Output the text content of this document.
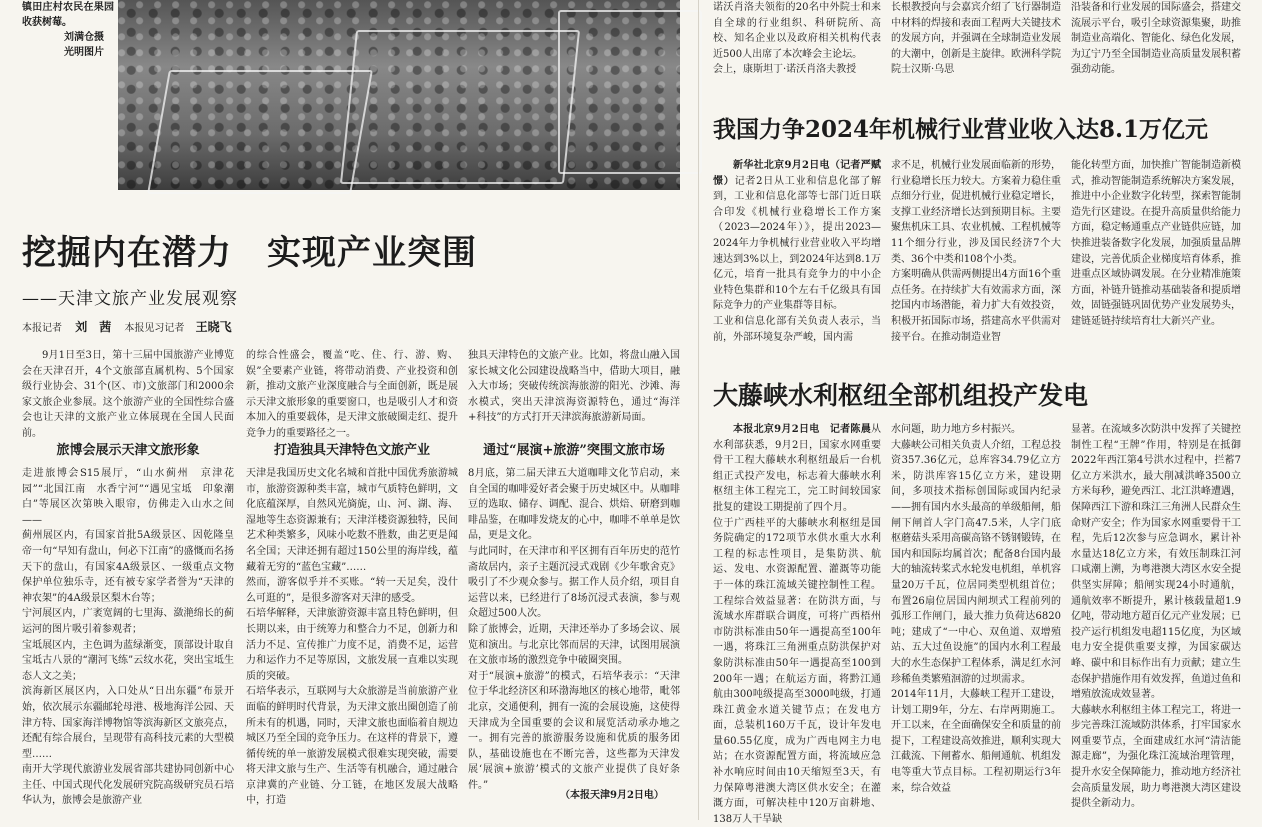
镇田庄村农民在果园收获树莓。
刘满仓摄
光明图片
挖掘内在潜力　实现产业突围
——天津文旅产业发展观察
本报记者 刘　茜 本报见习记者 王晓飞
9月1日至3日，第十三届中国旅游产业博览会在天津召开，4个文旅部直属机构、5个国家级行业协会、31个(区、市)文旅部门和2000余家文旅企业参展。这个旅游产业的全国性综合盛会也让天津的文旅产业立体展现在全国人民面前。
的综合性盛会，覆盖“吃、住、行、游、购、娱”全要素产业链，将带动消费、产业投资和创新，推动文旅产业深度融合与全面创新，既是展示天津文旅形象的重要窗口，也是吸引人才和资本加入的重要载体，是天津文旅破圈走红、提升竞争力的重要路径之一。
独具天津特色的文旅产业。比如，将盘山融入国家长城文化公园建设战略当中，借助大项目，融入大市场；突破传统滨海旅游的阳光、沙滩、海水模式，突出天津滨海资源特色，通过“海洋+科技”的方式打开天津滨海旅游新局面。
旅博会展示天津文旅形象	打造独具天津特色文旅产业	通过“展演+旅游”突围文旅市场
走进旅博会S15展厅，“山水蓟州　京津花园”“北国江南　水香宁河”“遇见宝坻　印象潮白”等展区次第映入眼帘，仿佛走入山水之间——
蓟州展区内，有国家首批5A级景区、因乾隆皇帝一句“早知有盘山，何必下江南”的盛慨而名扬天下的盘山，有国家4A级景区、一级重点文物保护单位独乐寺，还有被专家学者誉为“天津的神农架”的4A级景区梨木台等；
宁河展区内，广袤宽阔的七里海、潋滟绵长的蓟运河的图片吸引着参观者；
宝坻展区内，主色调为蓝绿渐变，顶部设计取自宝坻古八景的“潮河飞练”云纹水花，突出宝坻生态人文之美；
滨海新区展区内，入口处从“日出东疆”布景开始，依次展示东疆邮轮母港、极地海洋公园、天津方特、国家海洋博物馆等滨海新区文旅亮点，还配有综合展台，呈现带有高科技元素的大型模型……
南开大学现代旅游业发展省部共建协同创新中心主任、中国式现代化发展研究院高级研究员石培华认为，旅博会是旅游产业
天津是我国历史文化名城和首批中国优秀旅游城市，旅游资源种类丰富，城市气质特色鲜明，文化底蕴深厚，自然风光旖旎，山、河、湖、海、湿地等生态资源兼有；天津洋楼资源独特，民间艺术种类繁多，风味小吃数不胜数，曲艺更是闻名全国；天津还拥有超过150公里的海岸线，蕴藏着无穷的“蓝色宝藏”……
然而，游客似乎并不买账。“转一天足矣，没什么可逛的”，是很多游客对天津的感受。
石培华解释，天津旅游资源丰富且特色鲜明，但长期以来，由于统筹力和整合力不足，创新力和活力不足、宣传推广力度不足，消费不足，运营力和运作力不足等原因，文旅发展一直难以实现质的突破。
石培华表示，互联网与大众旅游是当前旅游产业面临的鲜明时代背景，为天津文旅出圈创造了前所未有的机遇，同时，天津文旅也面临着自规边城区乃至全国的竞争压力。在这样的背景下，遵循传统的单一旅游发展模式很难实现突破，需要将天津文旅与生产、生活等有机融合，通过融合京津冀的产业链、分工链，在地区发展大战略中，打造
8月底，第二届天津五大道咖啡文化节启动，来自全国的咖啡爱好者会聚于历史城区中。从咖啡豆的选取、储存、调配、混合、烘焙、研磨到咖啡品鉴，在咖啡发烧友的心中，咖啡不单单是饮品，更是文化。
与此同时，在天津市和平区拥有百年历史的范竹斋故居内，亲子主题沉浸式戏剧《少年歌舍克》吸引了不少观众参与。据工作人员介绍，项目自运营以来，已经进行了8场沉浸式表演，参与观众超过500人次。
除了旅博会，近期，天津还举办了多场会议、展览和演出。与北京比邻而居的天津，试图用展演在文旅市场的激烈竞争中破圈突围。
对于“展演+旅游”的模式，石培华表示：“天津位于华北经济区和环渤海地区的核心地带，毗邻北京，交通便利，拥有一流的会展设施，这使得天津成为全国重要的会议和展览活动承办地之一。拥有完善的旅游服务设施和优质的服务团队，基础设施也在不断完善，这些都为天津发展‘展演+旅游’模式的文旅产业提供了良好条件。”
（本报天津9月2日电）
诺沃肖洛夫领衔的20名中外院士和来自全球的行业组织、科研院所、高校、知名企业以及政府相关机构代表近500人出席了本次峰会主论坛。
会上，康斯坦丁·诺沃肖洛夫教授
长根教授向与会嘉宾介绍了飞行器制造中材料的焊接和表面工程两大关键技术的发展方向，并强调在全球制造业发展的大潮中，创新是主旋律。欧洲科学院院士汉斯·乌思
沿装备和行业发展的国际盛会，搭建交流展示平台，吸引全球资源集聚，助推制造业高端化、智能化、绿色化发展，为辽宁乃至全国制造业高质量发展积蓄强劲动能。
我国力争2024年机械行业营业收入达8.1万亿元
新华社北京9月2日电（记者严赋憬）记者2日从工业和信息化部了解到，工业和信息化部等七部门近日联合印发《机械行业稳增长工作方案（2023—2024年）》，提出2023—2024年力争机械行业营业收入平均增速达到3%以上，到2024年达到8.1万亿元，培育一批具有竞争力的中小企业特色集群和10个左右千亿级具有国际竞争力的产业集群等目标。
工业和信息化部有关负责人表示，当前，外部环境复杂严峻，国内需
求不足，机械行业发展面临新的形势，行业稳增长压力较大。方案着力稳住重点细分行业，促进机械行业稳定增长，支撑工业经济增长达到预期目标。主要聚焦机床工具、农业机械、工程机械等11个细分行业，涉及国民经济7个大类、36个中类和108个小类。
方案明确从供需两侧提出4方面16个重点任务。在持续扩大有效需求方面，深挖国内市场潜能，着力扩大有效投资，积极开拓国际市场，搭建高水平供需对接平台。在推动制造业智
能化转型方面，加快推广智能制造新模式，推动智能制造系统解决方案发展，推进中小企业数字化转型，探索智能制造先行区建设。在提升高质量供给能力方面，稳定畅通重点产业链供应链，加快推进装备数字化发展，加强质量品牌建设，完善优质企业梯度培育体系，推进重点区域协调发展。在分业精准施策方面，补链升链推动基础装备和提质增效，固链强链巩固优势产业发展势头，建链延链持续培育壮大新兴产业。
大藤峡水利枢纽全部机组投产发电
本报北京9月2日电　记者陈晨从水利部获悉，9月2日，国家水网重要骨干工程大藤峡水利枢纽最后一台机组正式投产发电，标志着大藤峡水利枢纽主体工程完工，完工时间较国家批复的建设工期提前了四个月。
位于广西桂平的大藤峡水利枢纽是国务院确定的172项节水供水重大水利工程的标志性项目，是集防洪、航运、发电、水资源配置、灌溉等功能于一体的珠江流域关键控制性工程。工程综合效益显著：在防洪方面，与流域水库群联合调度，可将广西梧州市防洪标准由50年一遇提高至100年一遇，将珠江三角洲重点防洪保护对象防洪标准由50年一遇提高至100到200年一遇；在航运方面，将黔江通航由300吨级提高至3000吨级，打通珠江黄金水道关键节点；在发电方面，总装机160万千瓦，设计年发电量60.55亿度，成为广西电网主力电站；在水资源配置方面，将流域应急补水响应时间由10天缩短至3天，有力保障粤港澳大湾区供水安全；在灌溉方面，可解决桂中120万亩耕地、138万人干旱缺
水问题，助力地方乡村振兴。
大藤峡公司相关负责人介绍，工程总投资357.36亿元，总库容34.79亿立方米，防洪库容15亿立方米，建设期间，多项技术指标创国际或国内纪录——拥有国内水头最高的单级船闸，船闸下闸首人字门高47.5米，人字门底枢蘑菇头采用高碳高铬不锈钢锻铸，在国内和国际均属首次；配备8台国内最大的轴流转桨式水轮发电机组，单机容量20万千瓦，位居同类型机组首位；布置26扇位居国内闸坝式工程前列的弧形工作闸门，最大推力负荷达6820吨；建成了“一中心、双鱼道、双增殖站、五大过鱼设施”的国内水利工程最大的水生态保护工程体系，满足红水河珍稀鱼类繁殖洄游的过坝需求。
2014年11月，大藤峡工程开工建设，计划工期9年，分左、右岸两期施工。开工以来，在全面确保安全和质量的前提下，工程建设高效推进，顺利实现大江截流、下闸蓄水、船闸通航、机组发电等重大节点目标。工程初期运行3年来，综合效益
显著。在流域多次防洪中发挥了关键控制性工程“王牌”作用，特别是在抵御2022年西江第4号洪水过程中，拦蓄7亿立方米洪水，最大削减洪峰3500立方米每秒，避免西江、北江洪峰遭遇，保障西江下游和珠江三角洲人民群众生命财产安全；作为国家水网重要骨干工程，先后12次参与应急调水，累计补水量达18亿立方米，有效压制珠江河口咸潮上溯，为粤港澳大湾区水安全提供坚实屏障；船闸实现24小时通航，通航效率不断提升，累计核载量超1.9亿吨，带动地方超百亿元产业发展；已投产运行机组发电超115亿度，为区域电力安全提供重要支撑，为国家碳达峰、碳中和目标作出有力贡献；建立生态保护措施作用有效发挥，鱼道过鱼和增殖放流成效显著。
大藤峡水利枢纽主体工程完工，将进一步完善珠江流域防洪体系，打牢国家水网重要节点，全面建成红水河“清洁能源走廊”，为强化珠江流域治理管理，提升水安全保障能力，推动地方经济社会高质量发展，助力粤港澳大湾区建设提供全新动力。
